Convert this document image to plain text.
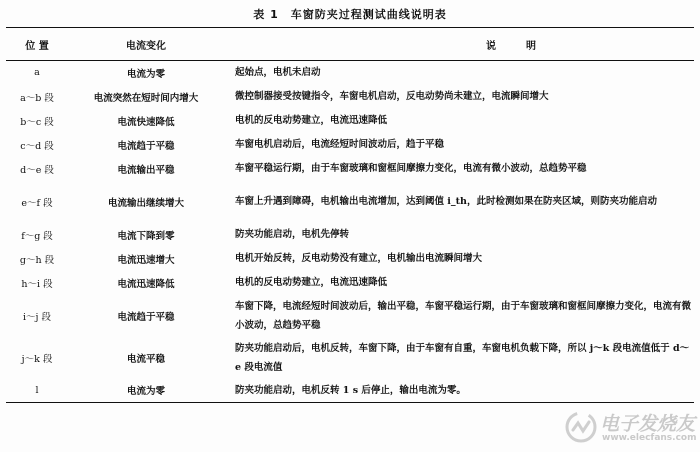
表 1　车窗防夹过程测试曲线说明表
位 置	电流变化	说　明
a	电流为零	起始点，电机未启动
a～b 段	电流突然在短时间内增大	微控制器接受按键指令，车窗电机启动，反电动势尚未建立，电流瞬间增大
b～c 段	电流快速降低	电机的反电动势建立，电流迅速降低
c～d 段	电流趋于平稳	车窗电机启动后，电流经短时间波动后，趋于平稳
d～e 段	电流输出平稳	车窗平稳运行期，由于车窗玻璃和窗框间摩擦力变化，电流有微小波动，总趋势平稳
e～f 段	电流输出继续增大	车窗上升遇到障碍，电机输出电流增加，达到阈值 i_th，此时检测如果在防夹区域，则防夹功能启动
f～g 段	电流下降到零	防夹功能启动，电机先停转
g～h 段	电流迅速增大	电机开始反转，反电动势没有建立，电机输出电流瞬间增大
h～i 段	电流迅速降低	电机的反电动势建立，电流迅速降低
i～j 段	电流趋于平稳	车窗下降，电流经短时间波动后，输出平稳，车窗平稳运行期，由于车窗玻璃和窗框间摩擦力变化，电流有微小波动，总趋势平稳
j～k 段	电流平稳	防夹功能启动后，电机反转，车窗下降，由于车窗有自重，车窗电机负载下降，所以 j～k 段电流值低于 d～e 段电流值
l	电流为零	防夹功能启动，电机反转 1 s 后停止，输出电流为零。
电子发烧友
www.elecfans.com
